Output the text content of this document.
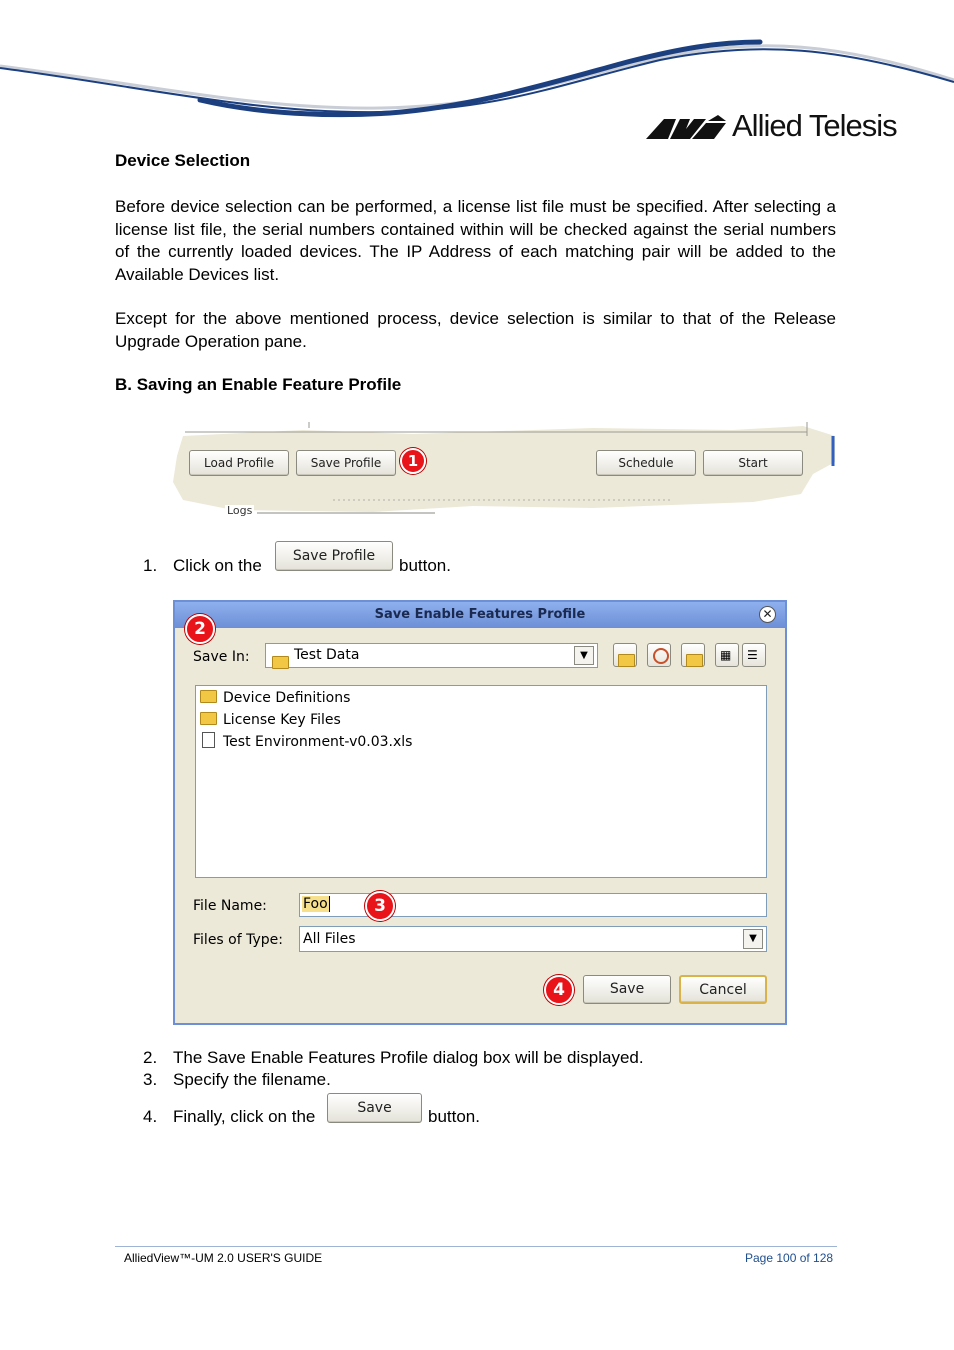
Allied Telesis
Device Selection
Before device selection can be performed, a license list file must be specified. After selecting a license list file, the serial numbers contained within will be checked against the serial numbers of the currently loaded devices. The IP Address of each matching pair will be added to the Available Devices list.
Except for the above mentioned process, device selection is similar to that of the Release Upgrade Operation pane.
B. Saving an Enable Feature Profile
Load Profile	Save Profile	1	Schedule	Start
Logs
1. Click on the	Save Profile	button.
Save Enable Features Profile	✕
2
Save In:	Test Data	▼	▦ ☰
Device Definitions
License Key Files
Test Environment-v0.03.xls
File Name:	Foo	3
Files of Type: All Files	▼
4	Save	Cancel
2. The Save Enable Features Profile dialog box will be displayed.
3. Specify the filename.
4. Finally, click on the	Save	button.
AlliedView™-UM 2.0 USER'S GUIDE	Page 100 of 128
